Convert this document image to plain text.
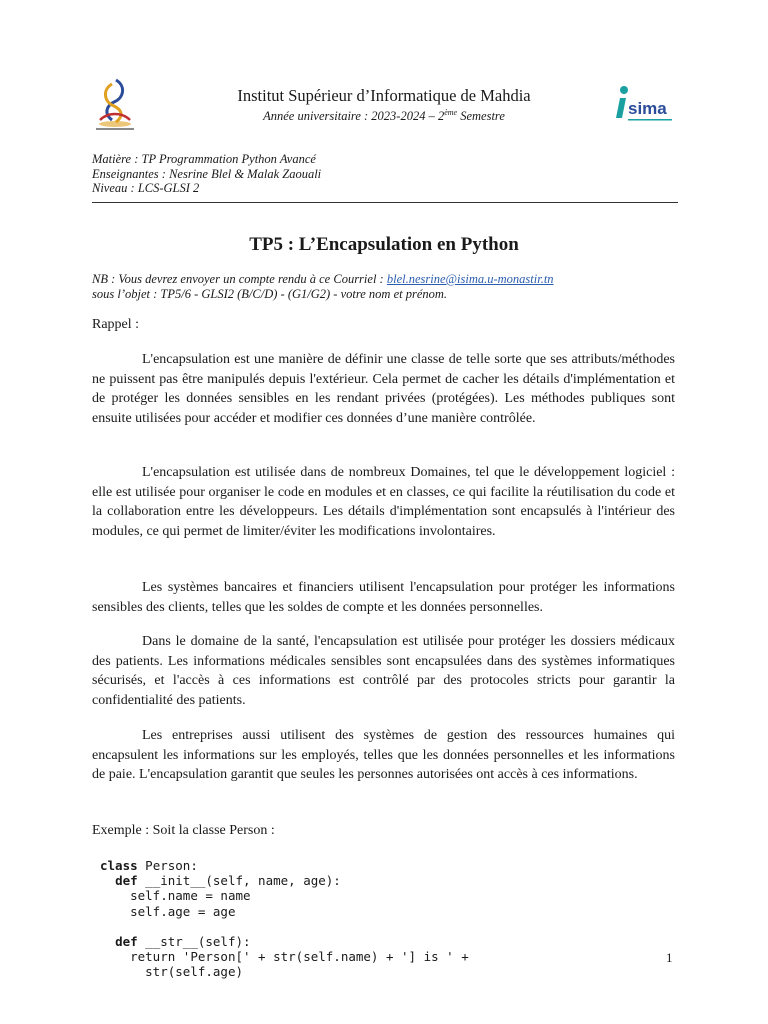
sima
Institut Supérieur d’Informatique de Mahdia
Année universitaire : 2023-2024 – 2ème Semestre
Matière : TP Programmation Python Avancé
Enseignantes : Nesrine Blel & Malak Zaouali
Niveau : LCS-GLSI 2
TP5 : L’Encapsulation en Python
NB : Vous devrez envoyer un compte rendu à ce Courriel : blel.nesrine@isima.u-monastir.tn
sous l’objet : TP5/6 - GLSI2 (B/C/D) - (G1/G2) - votre nom et prénom.
Rappel :
L'encapsulation est une manière de définir une classe de telle sorte que ses attributs/méthodes ne puissent pas être manipulés depuis l'extérieur. Cela permet de cacher les détails d'implémentation et de protéger les données sensibles en les rendant privées (protégées). Les méthodes publiques sont ensuite utilisées pour accéder et modifier ces données d’une manière contrôlée.
L'encapsulation est utilisée dans de nombreux Domaines, tel que le développement logiciel : elle est utilisée pour organiser le code en modules et en classes, ce qui facilite la réutilisation du code et la collaboration entre les développeurs. Les détails d'implémentation sont encapsulés à l'intérieur des modules, ce qui permet de limiter/éviter les modifications involontaires.
Les systèmes bancaires et financiers utilisent l'encapsulation pour protéger les informations sensibles des clients, telles que les soldes de compte et les données personnelles.
Dans le domaine de la santé, l'encapsulation est utilisée pour protéger les dossiers médicaux des patients. Les informations médicales sensibles sont encapsulées dans des systèmes informatiques sécurisés, et l'accès à ces informations est contrôlé par des protocoles stricts pour garantir la confidentialité des patients.
Les entreprises aussi utilisent des systèmes de gestion des ressources humaines qui encapsulent les informations sur les employés, telles que les données personnelles et les informations de paie. L'encapsulation garantit que seules les personnes autorisées ont accès à ces informations.
Exemple : Soit la classe Person :
class Person:
def __init__(self, name, age):
self.name = name
self.age = age

def __str__(self):
return 'Person[' + str(self.name) + '] is ' +
str(self.age)
1
